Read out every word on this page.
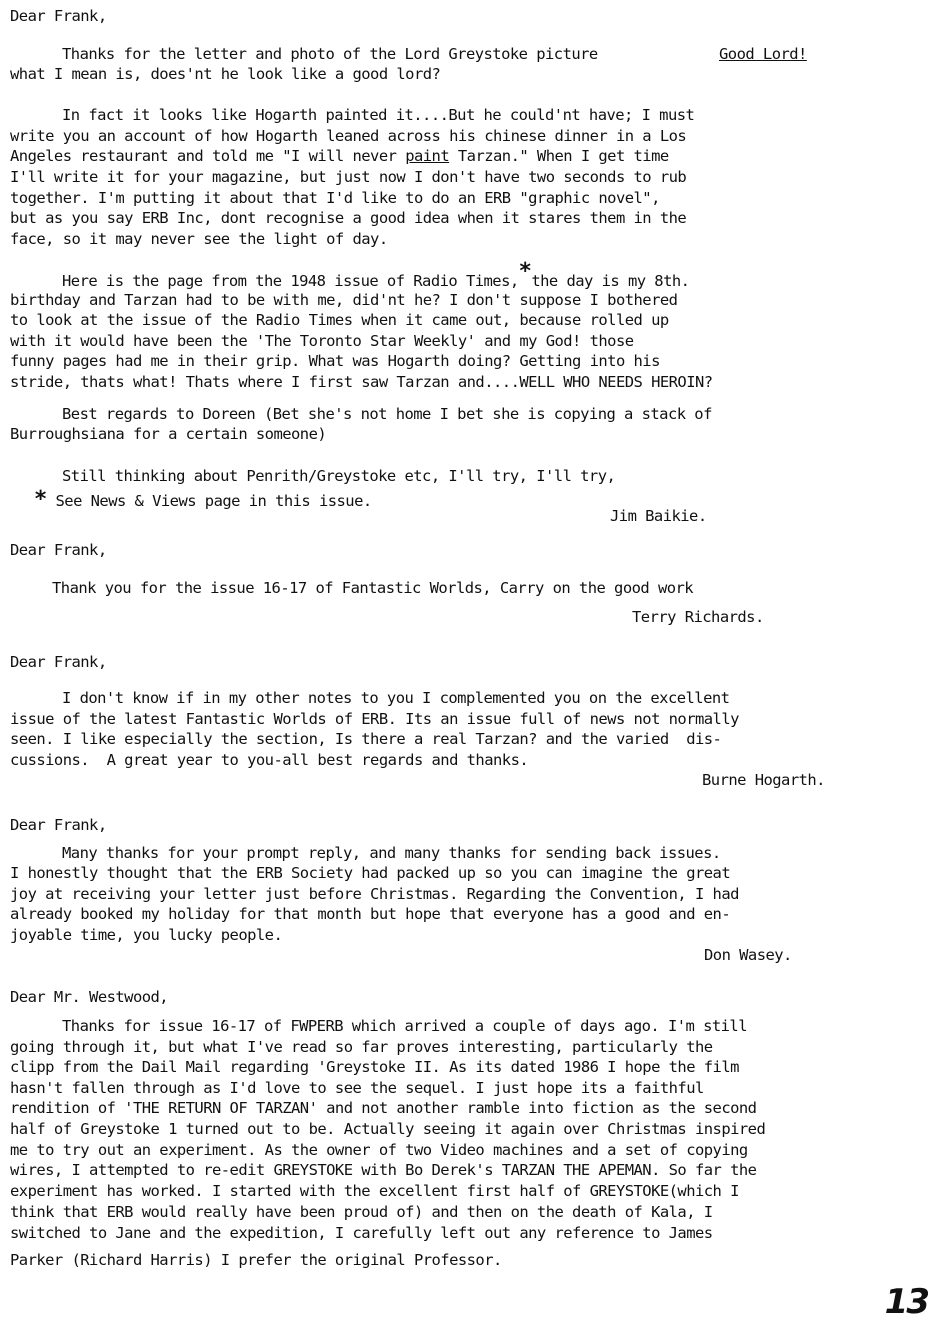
Dear Frank,
Thanks for the letter and photo of the Lord Greystoke picture	Good Lord!
what I mean is, does'nt he look like a good lord?
In fact it looks like Hogarth painted it....But he could'nt have; I must
write you an account of how Hogarth leaned across his chinese dinner in a Los
Angeles restaurant and told me "I will never paint Tarzan." When I get time
I'll write it for your magazine, but just now I don't have two seconds to rub
together. I'm putting it about that I'd like to do an ERB "graphic novel",
but as you say ERB Inc, dont recognise a good idea when it stares them in the
face, so it may never see the light of day.
Here is the page from the 1948 issue of Radio Times,*the day is my 8th.
birthday and Tarzan had to be with me, did'nt he? I don't suppose I bothered
to look at the issue of the Radio Times when it came out, because rolled up
with it would have been the 'The Toronto Star Weekly' and my God! those
funny pages had me in their grip. What was Hogarth doing? Getting into his
stride, thats what! Thats where I first saw Tarzan and....WELL WHO NEEDS HEROIN?
Best regards to Doreen (Bet she's not home I bet she is copying a stack of
Burroughsiana for a certain someone)
Still thinking about Penrith/Greystoke etc, I'll try, I'll try,
* See News & Views page in this issue.
Jim Baikie.
Dear Frank,
Thank you for the issue 16-17 of Fantastic Worlds, Carry on the good work
Terry Richards.
Dear Frank,
I don't know if in my other notes to you I complemented you on the excellent
issue of the latest Fantastic Worlds of ERB. Its an issue full of news not normally
seen. I like especially the section, Is there a real Tarzan? and the varied  dis-
cussions.  A great year to you-all best regards and thanks.
Burne Hogarth.
Dear Frank,
Many thanks for your prompt reply, and many thanks for sending back issues.
I honestly thought that the ERB Society had packed up so you can imagine the great
joy at receiving your letter just before Christmas. Regarding the Convention, I had
already booked my holiday for that month but hope that everyone has a good and en-
joyable time, you lucky people.
Don Wasey.
Dear Mr. Westwood,
Thanks for issue 16-17 of FWPERB which arrived a couple of days ago. I'm still
going through it, but what I've read so far proves interesting, particularly the
clipp from the Dail Mail regarding 'Greystoke II. As its dated 1986 I hope the film
hasn't fallen through as I'd love to see the sequel. I just hope its a faithful
rendition of 'THE RETURN OF TARZAN' and not another ramble into fiction as the second
half of Greystoke 1 turned out to be. Actually seeing it again over Christmas inspired
me to try out an experiment. As the owner of two Video machines and a set of copying
wires, I attempted to re-edit GREYSTOKE with Bo Derek's TARZAN THE APEMAN. So far the
experiment has worked. I started with the excellent first half of GREYSTOKE(which I
think that ERB would really have been proud of) and then on the death of Kala, I
switched to Jane and the expedition, I carefully left out any reference to James
Parker (Richard Harris) I prefer the original Professor.
13
